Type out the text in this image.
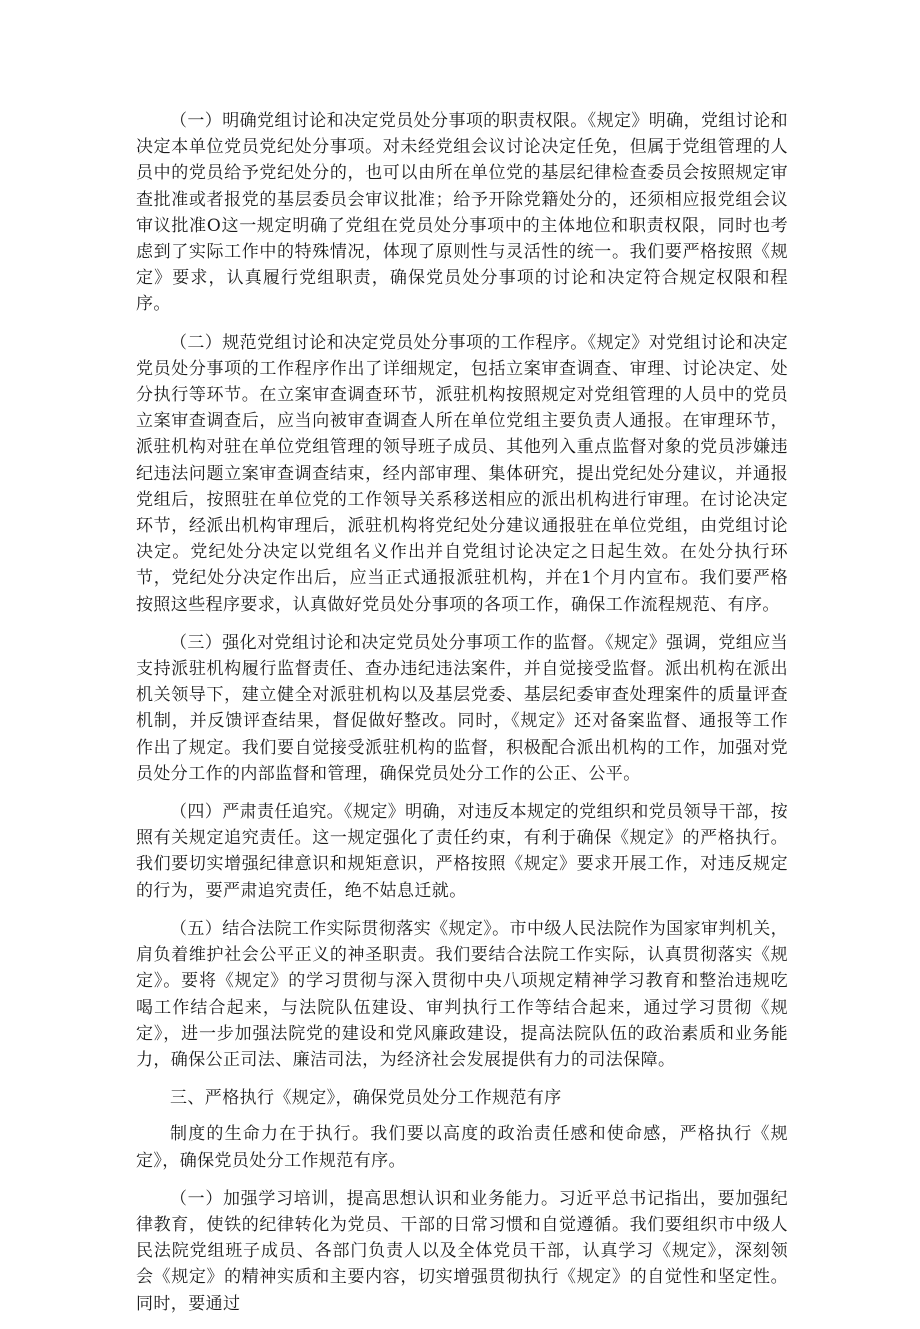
（一）明确党组讨论和决定党员处分事项的职责权限。《规定》明确，党组讨论和决定本单位党员党纪处分事项。对未经党组会议讨论决定任免，但属于党组管理的人员中的党员给予党纪处分的，也可以由所在单位党的基层纪律检查委员会按照规定审查批准或者报党的基层委员会审议批准；给予开除党籍处分的，还须相应报党组会议审议批准O这一规定明确了党组在党员处分事项中的主体地位和职责权限，同时也考虑到了实际工作中的特殊情况，体现了原则性与灵活性的统一。我们要严格按照《规定》要求，认真履行党组职责，确保党员处分事项的讨论和决定符合规定权限和程序。

（二）规范党组讨论和决定党员处分事项的工作程序。《规定》对党组讨论和决定党员处分事项的工作程序作出了详细规定，包括立案审查调查、审理、讨论决定、处分执行等环节。在立案审查调查环节，派驻机构按照规定对党组管理的人员中的党员立案审查调查后，应当向被审查调查人所在单位党组主要负责人通报。在审理环节，派驻机构对驻在单位党组管理的领导班子成员、其他列入重点监督对象的党员涉嫌违纪违法问题立案审查调查结束，经内部审理、集体研究，提出党纪处分建议，并通报党组后，按照驻在单位党的工作领导关系移送相应的派出机构进行审理。在讨论决定环节，经派出机构审理后，派驻机构将党纪处分建议通报驻在单位党组，由党组讨论决定。党纪处分决定以党组名义作出并自党组讨论决定之日起生效。在处分执行环节，党纪处分决定作出后，应当正式通报派驻机构，并在1个月内宣布。我们要严格按照这些程序要求，认真做好党员处分事项的各项工作，确保工作流程规范、有序。

（三）强化对党组讨论和决定党员处分事项工作的监督。《规定》强调，党组应当支持派驻机构履行监督责任、查办违纪违法案件，并自觉接受监督。派出机构在派出机关领导下，建立健全对派驻机构以及基层党委、基层纪委审查处理案件的质量评查机制，并反馈评查结果，督促做好整改。同时，《规定》还对备案监督、通报等工作作出了规定。我们要自觉接受派驻机构的监督，积极配合派出机构的工作，加强对党员处分工作的内部监督和管理，确保党员处分工作的公正、公平。

（四）严肃责任追究。《规定》明确，对违反本规定的党组织和党员领导干部，按照有关规定追究责任。这一规定强化了责任约束，有利于确保《规定》的严格执行。我们要切实增强纪律意识和规矩意识，严格按照《规定》要求开展工作，对违反规定的行为，要严肃追究责任，绝不姑息迁就。

（五）结合法院工作实际贯彻落实《规定》。市中级人民法院作为国家审判机关，肩负着维护社会公平正义的神圣职责。我们要结合法院工作实际，认真贯彻落实《规定》。要将《规定》的学习贯彻与深入贯彻中央八项规定精神学习教育和整治违规吃喝工作结合起来，与法院队伍建设、审判执行工作等结合起来，通过学习贯彻《规定》，进一步加强法院党的建设和党风廉政建设，提高法院队伍的政治素质和业务能力，确保公正司法、廉洁司法，为经济社会发展提供有力的司法保障。

三、严格执行《规定》，确保党员处分工作规范有序

制度的生命力在于执行。我们要以高度的政治责任感和使命感，严格执行《规定》，确保党员处分工作规范有序。

（一）加强学习培训，提高思想认识和业务能力。习近平总书记指出，要加强纪律教育，使铁的纪律转化为党员、干部的日常习惯和自觉遵循。我们要组织市中级人民法院党组班子成员、各部门负责人以及全体党员干部，认真学习《规定》，深刻领会《规定》的精神实质和主要内容，切实增强贯彻执行《规定》的自觉性和坚定性。同时，要通过
